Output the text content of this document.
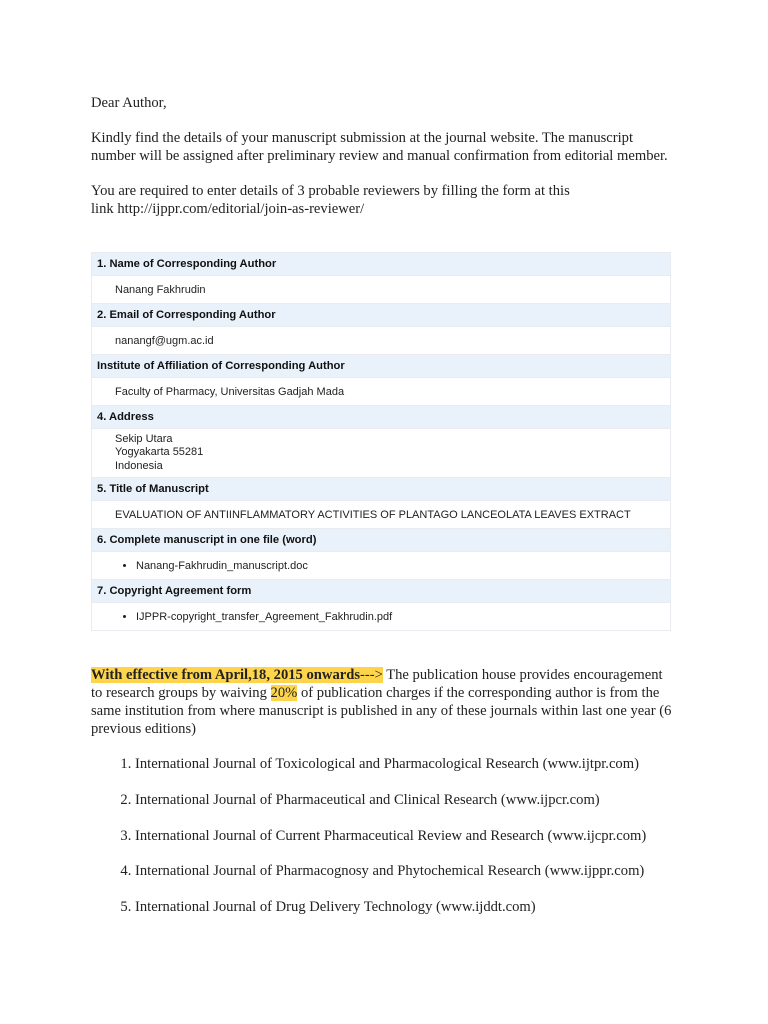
Dear Author,

Kindly find the details of your manuscript submission at the journal website. The manuscript number will be assigned after preliminary review and manual confirmation from editorial member.

You are required to enter details of 3 probable reviewers by filling the form at this
link http://ijppr.com/editorial/join-as-reviewer/

1. Name of Corresponding Author
Nanang Fakhrudin
2. Email of Corresponding Author
nanangf@ugm.ac.id
Institute of Affiliation of Corresponding Author
Faculty of Pharmacy, Universitas Gadjah Mada
4. Address
Sekip Utara
Yogyakarta 55281
Indonesia
5. Title of Manuscript
EVALUATION OF ANTIINFLAMMATORY ACTIVITIES OF PLANTAGO LANCEOLATA LEAVES EXTRACT
6. Complete manuscript in one file (word)

• Nanang-Fakhrudin_manuscript.doc

7. Copyright Agreement form

• IJPPR-copyright_transfer_Agreement_Fakhrudin.pdf

With effective from April,18, 2015 onwards---> The publication house provides encouragement to research groups by waiving 20% of publication charges if the corresponding author is from the same institution from where manuscript is published in any of these journals within last one year (6 previous editions)

1. International Journal of Toxicological and Pharmacological Research (www.ijtpr.com)
2. International Journal of Pharmaceutical and Clinical Research (www.ijpcr.com)
3. International Journal of Current Pharmaceutical Review and Research (www.ijcpr.com)
4. International Journal of Pharmacognosy and Phytochemical Research (www.ijppr.com)
5. International Journal of Drug Delivery Technology (www.ijddt.com)
